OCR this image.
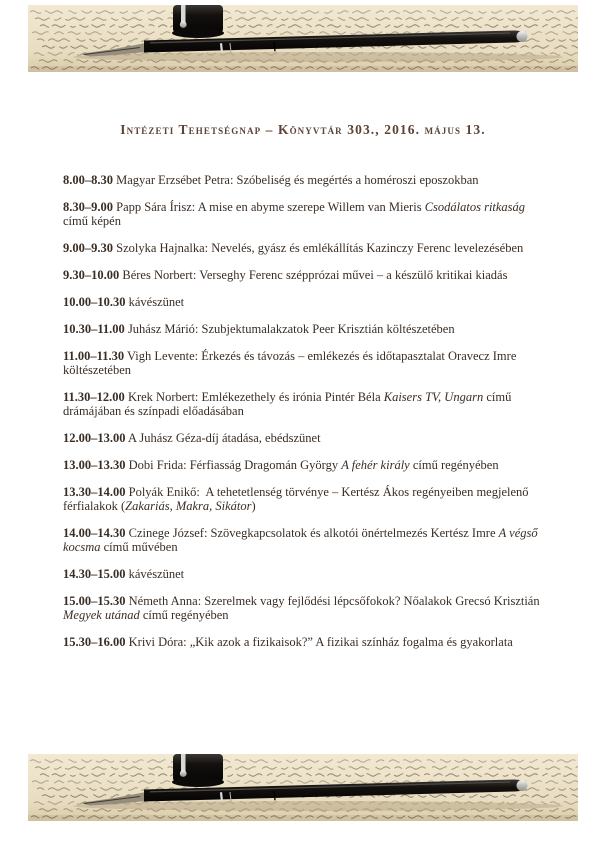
Intézeti Tehetségnap – Könyvtár 303., 2016. május 13.

8.00–8.30 Magyar Erzsébet Petra: Szóbeliség és megértés a homéroszi eposzokban

8.30–9.00 Papp Sára Írisz: A mise en abyme szerepe Willem van Mieris Csodálatos ritkaság című képén

9.00–9.30 Szolyka Hajnalka: Nevelés, gyász és emlékállítás Kazinczy Ferenc levelezésében

9.30–10.00 Béres Norbert: Verseghy Ferenc szépprózai művei – a készülő kritikai kiadás

10.00–10.30 kávészünet

10.30–11.00 Juhász Márió: Szubjektumalakzatok Peer Krisztián költészetében

11.00–11.30 Vigh Levente: Érkezés és távozás – emlékezés és időtapasztalat Oravecz Imre költészetében

11.30–12.00 Krek Norbert: Emlékezethely és irónia Pintér Béla Kaisers TV, Ungarn című drámájában és színpadi előadásában

12.00–13.00 A Juhász Géza-díj átadása, ebédszünet

13.00–13.30 Dobi Frida: Férfiasság Dragomán György A fehér király című regényében

13.30–14.00 Polyák Enikő:  A tehetetlenség törvénye – Kertész Ákos regényeiben megjelenő férfialakok (Zakariás, Makra, Sikátor)

14.00–14.30 Czinege József: Szövegkapcsolatok és alkotói önértelmezés Kertész Imre A végső kocsma című művében

14.30–15.00 kávészünet

15.00–15.30 Németh Anna: Szerelmek vagy fejlődési lépcsőfokok? Nőalakok Grecsó Krisztián Megyek utánad című regényében

15.30–16.00 Krivi Dóra: „Kik azok a fizikaisok?” A fizikai színház fogalma és gyakorlata
